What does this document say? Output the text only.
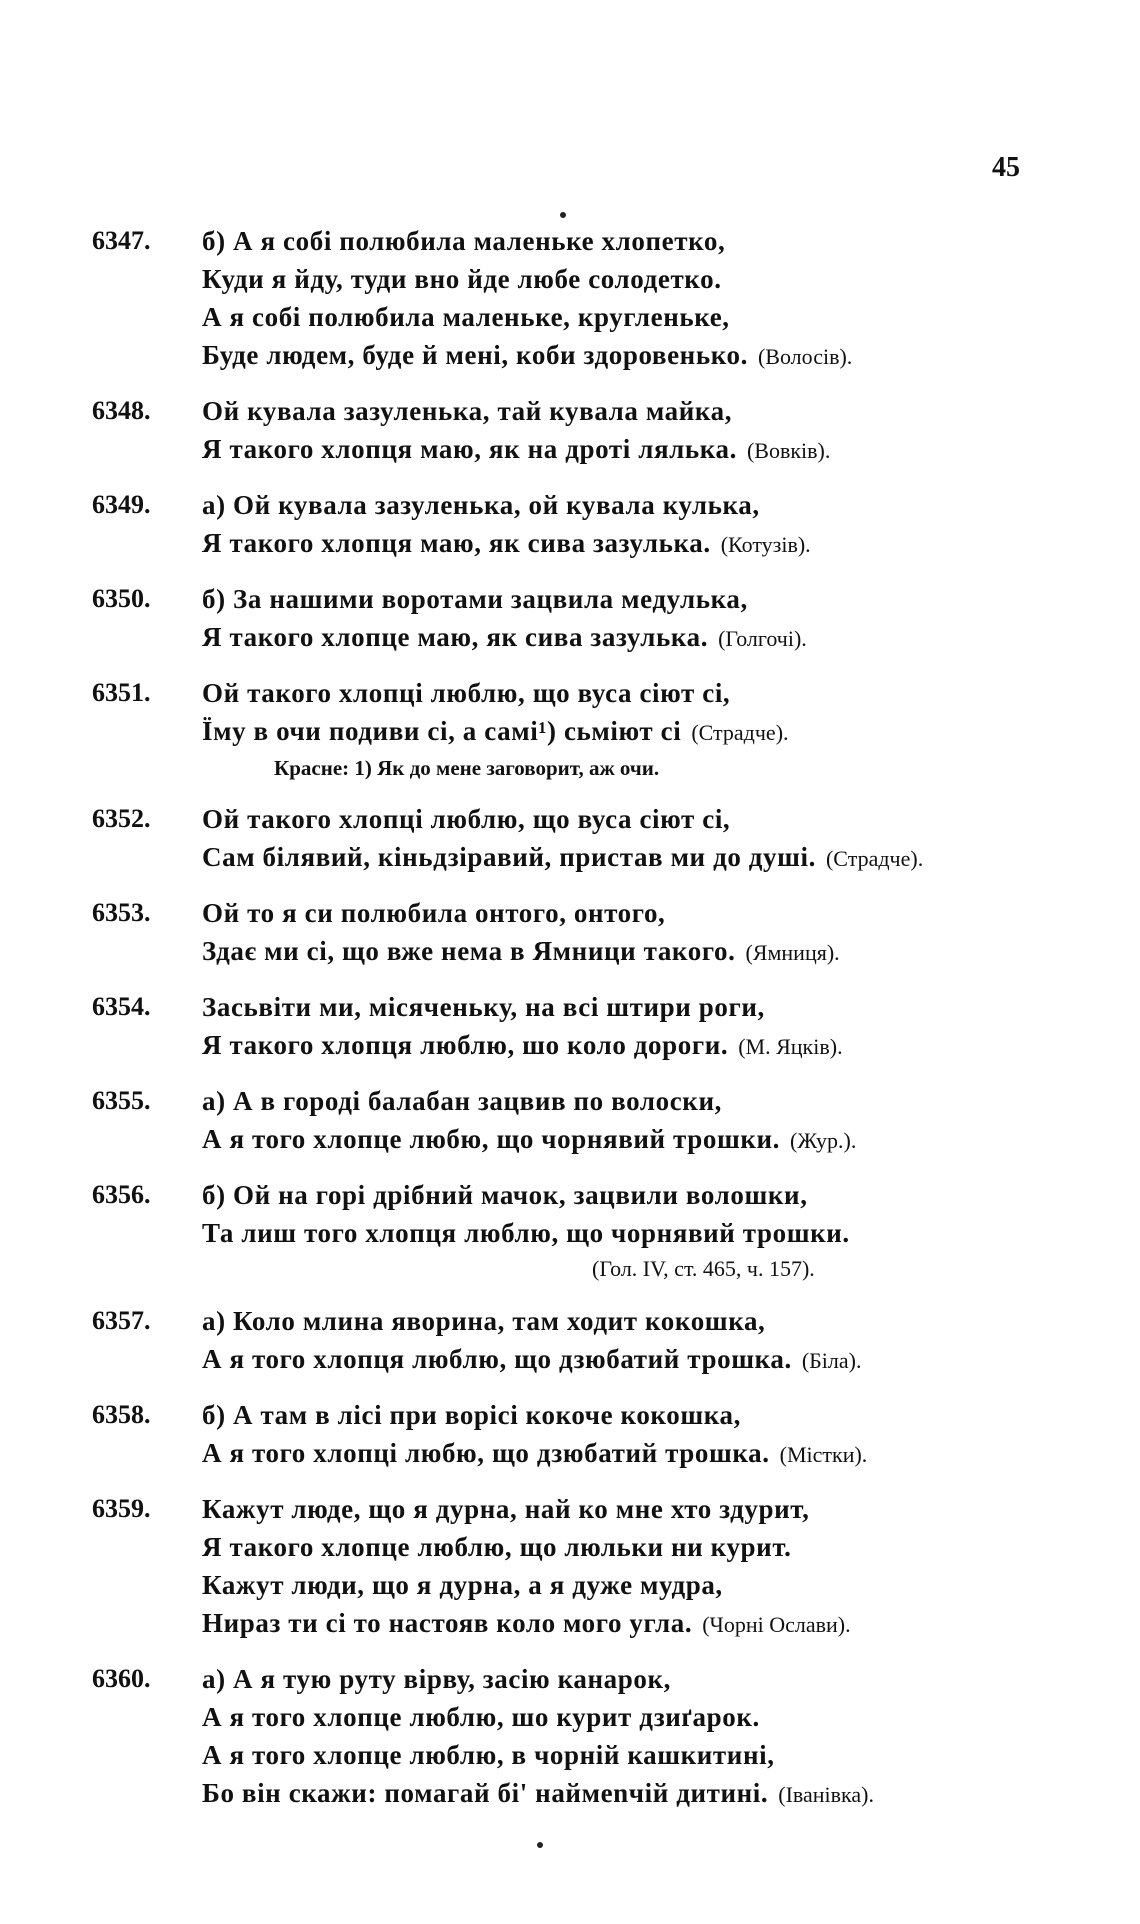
45
6347.	б) А я собі полюбила маленьке хлопетко,
Куди я йду, туди вно йде любе солодетко.
А я собі полюбила маленьке, кругленьке,
Буде людем, буде й мені, коби здоровенько. (Волосів).
6348.	Ой кувала зазуленька, тай кувала майка,
Я такого хлопця маю, як на дроті лялька. (Вовків).
6349.	а) Ой кувала зазуленька, ой кувала кулька,
Я такого хлопця маю, як сива зазулька. (Котузів).
6350.	б) За нашими воротами зацвила медулька,
Я такого хлопце маю, як сива зазулька. (Голгочі).
6351.	Ой такого хлопці люблю, що вуса сіют сі,
Їму в очи подиви сі, а самі¹) сьміют сі (Страдче).
Красне: 1) Як до мене заговорит, аж очи.
6352.	Ой такого хлопці люблю, що вуса сіют сі,
Сам білявий, кіньдзіравий, пристав ми до душі. (Страдче).
6353.	Ой то я си полюбила онтого, онтого,
Здає ми сі, що вже нема в Ямници такого. (Ямниця).
6354.	Засьвіти ми, місяченьку, на всі штири роги,
Я такого хлопця люблю, шо коло дороги. (М. Яцків).
6355.	а) А в городі балабан зацвив по волоски,
А я того хлопце любю, що чорнявий трошки. (Жур.).
6356.	б) Ой на горі дрібний мачок, зацвили волошки,
Та лиш того хлопця люблю, що чорнявий трошки.
(Гол. IV, ст. 465, ч. 157).
6357.	а) Коло млина яворина, там ходит кокошка,
А я того хлопця люблю, що дзюбатий трошка. (Біла).
6358.	б) А там в лісі при ворісі кокоче кокошка,
А я того хлопці любю, що дзюбатий трошка. (Містки).
6359.	Кажут люде, що я дурна, най ко мне хто здурит,
Я такого хлопце люблю, що люльки ни курит.
Кажут люди, що я дурна, а я дуже мудра,
Нираз ти сі то настояв коло мого угла. (Чорні Ослави).
6360.	а) А я тую руту вірву, засію канарок,
А я того хлопце люблю, шо курит дзиґарок.
А я того хлопце люблю, в чорній кашкитині,
Бо він скажи: помагай бі' наймenчій дитині. (Іванівка).
